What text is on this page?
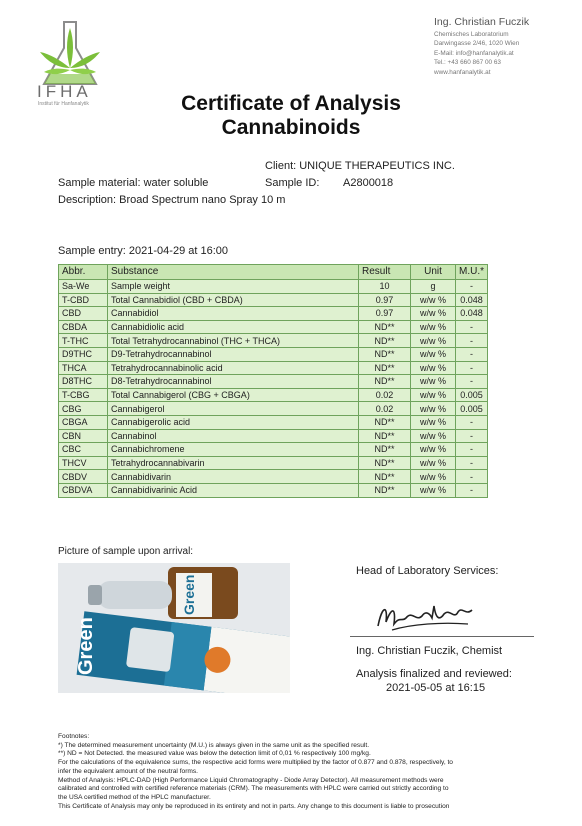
IFHA
Institut für Hanfanalytik
Ing. Christian Fuczik
Chemisches Laboratorium
Darwingasse 2/46, 1020 Wien
E-Mail: info@hanfanalytik.at
Tel.: +43 660 867 00 63
www.hanfanalytik.at
Certificate of Analysis
Cannabinoids
Client: UNIQUE THERAPEUTICS INC.
Sample material: water soluble	Sample ID: A2800018
Description: Broad Spectrum nano Spray 10 m
Sample entry: 2021-04-29 at 16:00
Abbr.	Substance	Result	Unit	M.U.*
Sa-We	Sample weight	10	g	-
T-CBD	Total Cannabidiol (CBD + CBDA)	0.97	w/w %	0.048
CBD	Cannabidiol	0.97	w/w %	0.048
CBDA	Cannabidiolic acid	ND**	w/w %	-
T-THC	Total Tetrahydrocannabinol (THC + THCA)	ND**	w/w %	-
D9THC	D9-Tetrahydrocannabinol	ND**	w/w %	-
THCA	Tetrahydrocannabinolic acid	ND**	w/w %	-
D8THC	D8-Tetrahydrocannabinol	ND**	w/w %	-
T-CBG	Total Cannabigerol (CBG + CBGA)	0.02	w/w %	0.005
CBG	Cannabigerol	0.02	w/w %	0.005
CBGA	Cannabigerolic acid	ND**	w/w %	-
CBN	Cannabinol	ND**	w/w %	-
CBC	Cannabichromene	ND**	w/w %	-
THCV	Tetrahydrocannabivarin	ND**	w/w %	-
CBDV	Cannabidivarin	ND**	w/w %	-
CBDVA	Cannabidivarinic Acid	ND**	w/w %	-
Picture of sample upon arrival:
Green
Green
Head of Laboratory Services:
Ing. Christian Fuczik, Chemist
Analysis finalized and reviewed:
2021-05-05 at 16:15
Footnotes:
*) The determined measurement uncertainty (M.U.) is always given in the same unit as the specified result.
**) ND = Not Detected. the measured value was below the detection limit of 0,01 % respectively 100 mg/kg.
For the calculations of the equivalence sums, the respective acid forms were multiplied by the factor of 0.877 and 0.878, respectively, to
infer the equivalent amount of the neutral forms.
Method of Analysis: HPLC-DAD (High Performance Liquid Chromatography - Diode Array Detector). All measurement methods were
calibrated and controlled with certified reference materials (CRM). The measurements with HPLC were carried out strictly according to
the USA certified method of the HPLC manufacturer.
This Certificate of Analysis may only be reproduced in its entirety and not in parts. Any change to this document is liable to prosecution
